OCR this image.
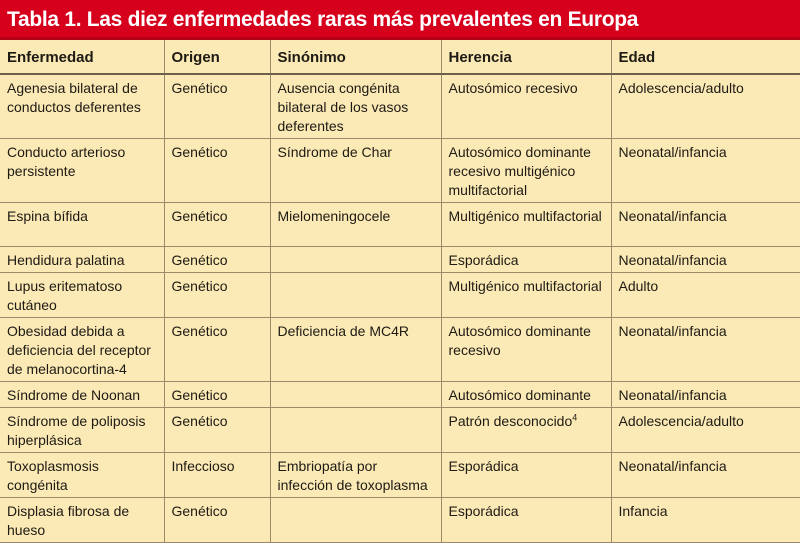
Tabla 1. Las diez enfermedades raras más prevalentes en Europa
Enfermedad	Origen	Sinónimo	Herencia	Edad
Agenesia bilateral de conductos deferentes	Genético	Ausencia congénita bilateral de los vasos deferentes	Autosómico recesivo	Adolescencia/adulto
Conducto arterioso persistente	Genético	Síndrome de Char	Autosómico dominante recesivo multigénico multifactorial	Neonatal/infancia
Espina bífida	Genético	Mielomeningocele	Multigénico multifactorial	Neonatal/infancia
Hendidura palatina	Genético		Esporádica	Neonatal/infancia
Lupus eritematoso cutáneo	Genético		Multigénico multifactorial	Adulto
Obesidad debida a deficiencia del receptor de melanocortina-4	Genético	Deficiencia de MC4R	Autosómico dominante recesivo	Neonatal/infancia
Síndrome de Noonan	Genético		Autosómico dominante	Neonatal/infancia
Síndrome de poliposis hiperplásica	Genético		Patrón desconocido$^4$	Adolescencia/adulto
Toxoplasmosis congénita	Infeccioso	Embriopatía por infección de toxoplasma	Esporádica	Neonatal/infancia
Displasia fibrosa de hueso	Genético		Esporádica	Infancia
